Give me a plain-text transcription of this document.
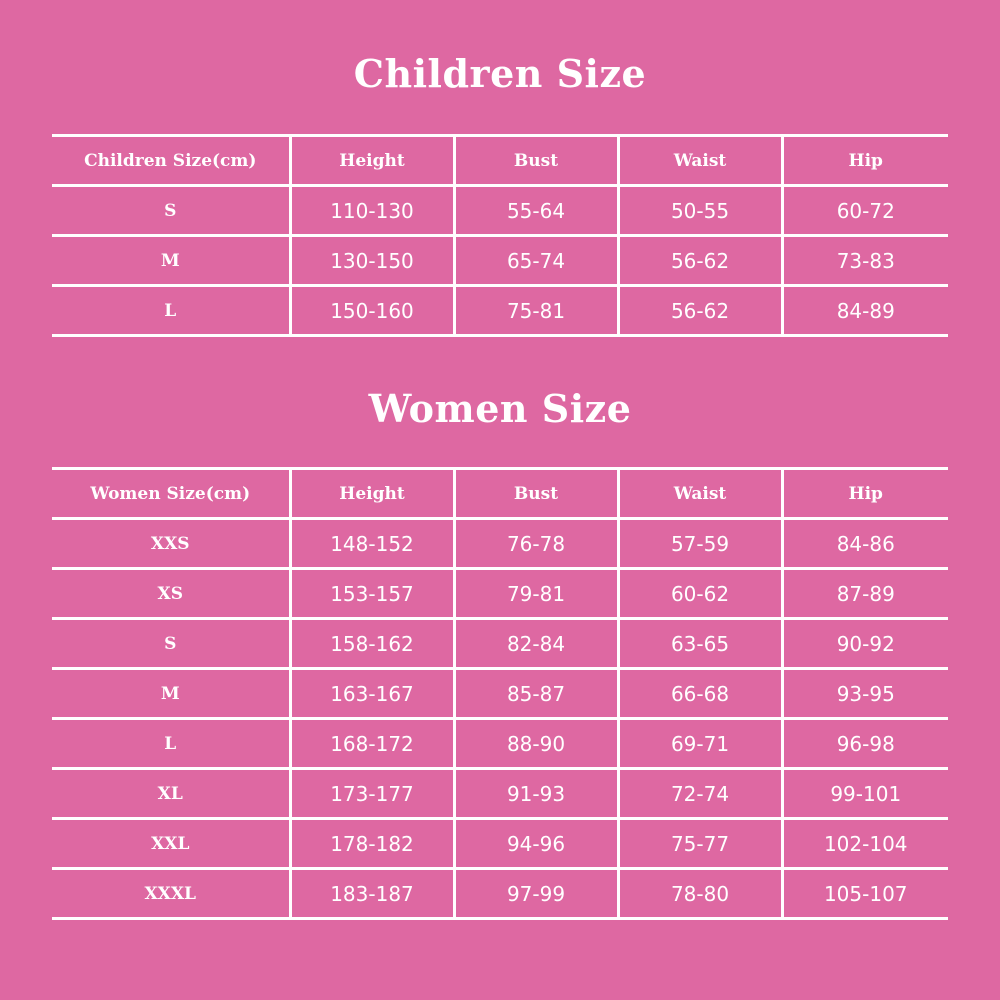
Children Size
Children Size(cm)	Height	Bust	Waist	Hip
S	110-130	55-64	50-55	60-72
M	130-150	65-74	56-62	73-83
L	150-160	75-81	56-62	84-89
Women Size
Women Size(cm)	Height	Bust	Waist	Hip
XXS	148-152	76-78	57-59	84-86
XS	153-157	79-81	60-62	87-89
S	158-162	82-84	63-65	90-92
M	163-167	85-87	66-68	93-95
L	168-172	88-90	69-71	96-98
XL	173-177	91-93	72-74	99-101
XXL	178-182	94-96	75-77	102-104
XXXL	183-187	97-99	78-80	105-107
